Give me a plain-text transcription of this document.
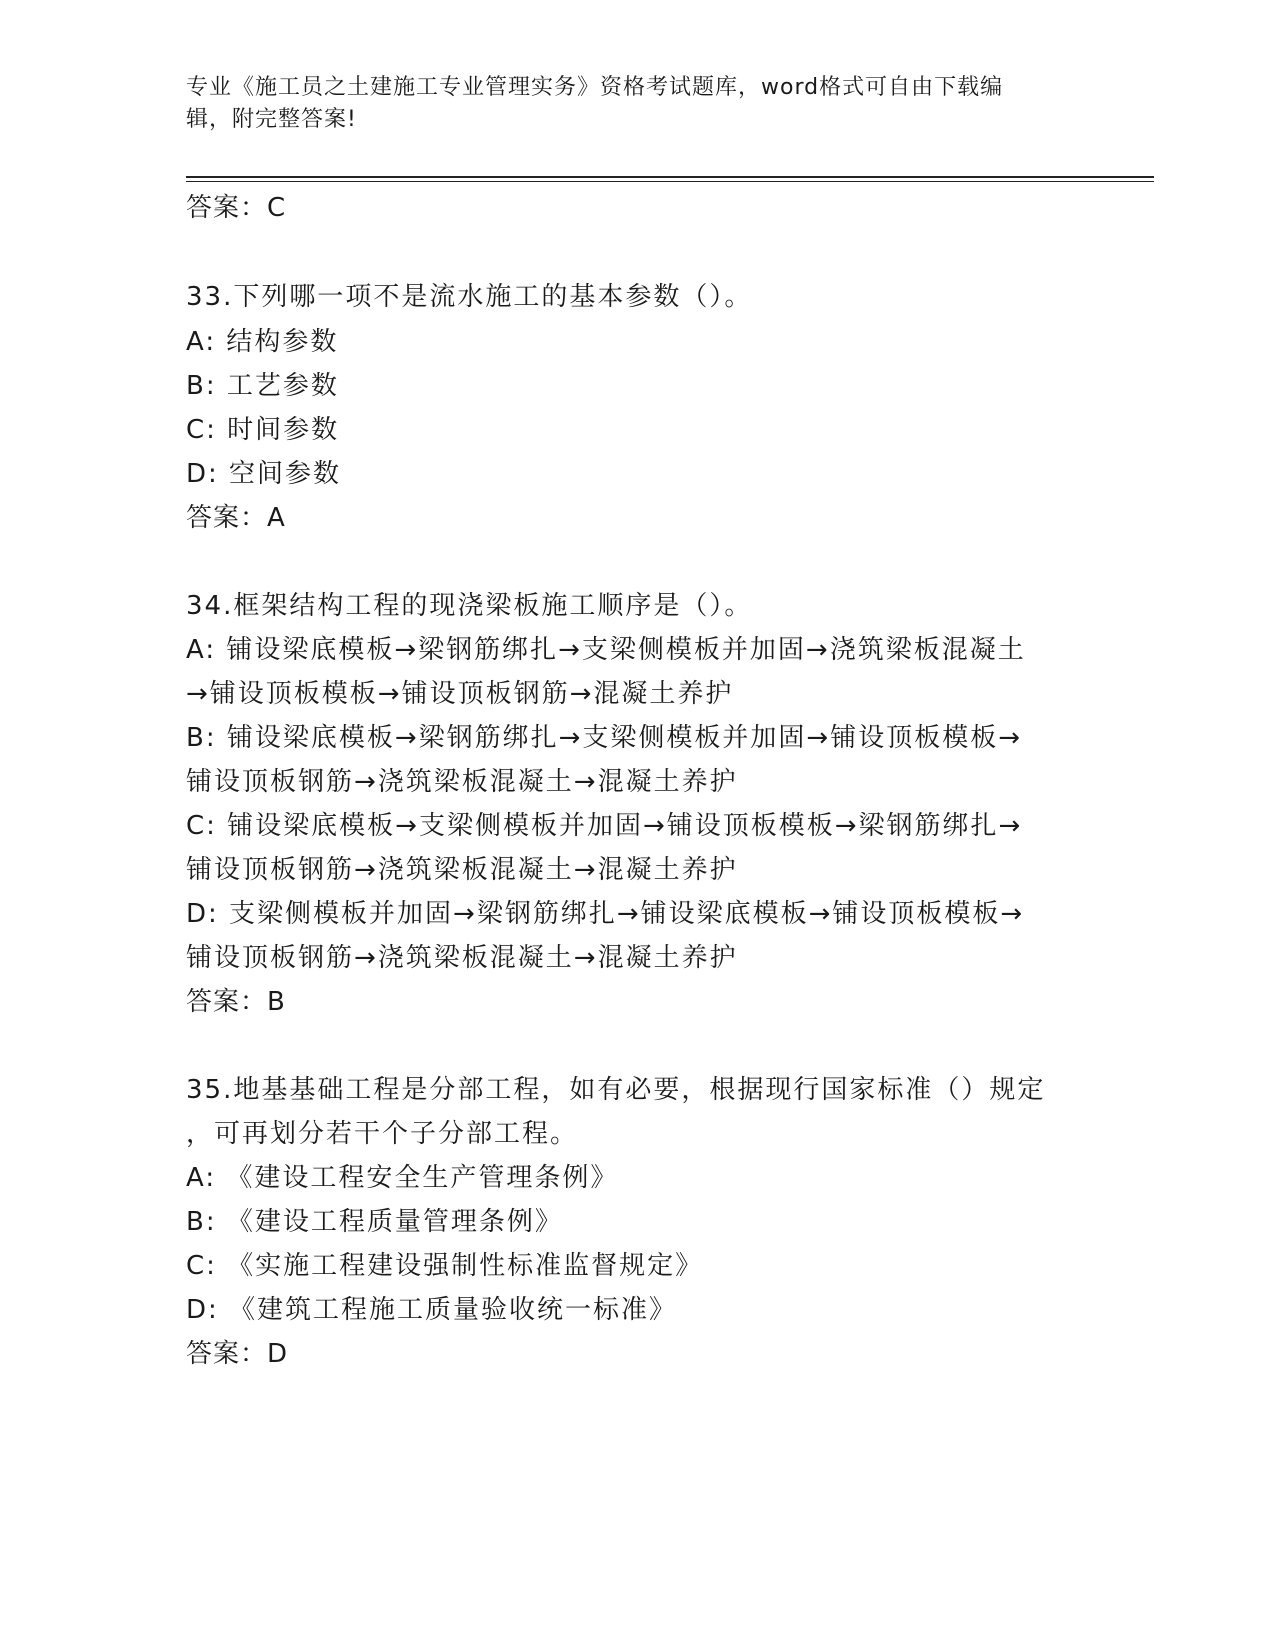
专业《施工员之土建施工专业管理实务》资格考试题库，word格式可自由下载编
辑，附完整答案!
答案：C
33.下列哪一项不是流水施工的基本参数（）。
A: 结构参数
B: 工艺参数
C: 时间参数
D: 空间参数
答案：A
34.框架结构工程的现浇梁板施工顺序是（）。
A: 铺设梁底模板→梁钢筋绑扎→支梁侧模板并加固→浇筑梁板混凝土
→铺设顶板模板→铺设顶板钢筋→混凝土养护
B: 铺设梁底模板→梁钢筋绑扎→支梁侧模板并加固→铺设顶板模板→
铺设顶板钢筋→浇筑梁板混凝土→混凝土养护
C: 铺设梁底模板→支梁侧模板并加固→铺设顶板模板→梁钢筋绑扎→
铺设顶板钢筋→浇筑梁板混凝土→混凝土养护
D: 支梁侧模板并加固→梁钢筋绑扎→铺设梁底模板→铺设顶板模板→
铺设顶板钢筋→浇筑梁板混凝土→混凝土养护
答案：B
35.地基基础工程是分部工程，如有必要，根据现行国家标准（）规定
，可再划分若干个子分部工程。
A: 《建设工程安全生产管理条例》
B: 《建设工程质量管理条例》
C: 《实施工程建设强制性标准监督规定》
D: 《建筑工程施工质量验收统一标准》
答案：D
